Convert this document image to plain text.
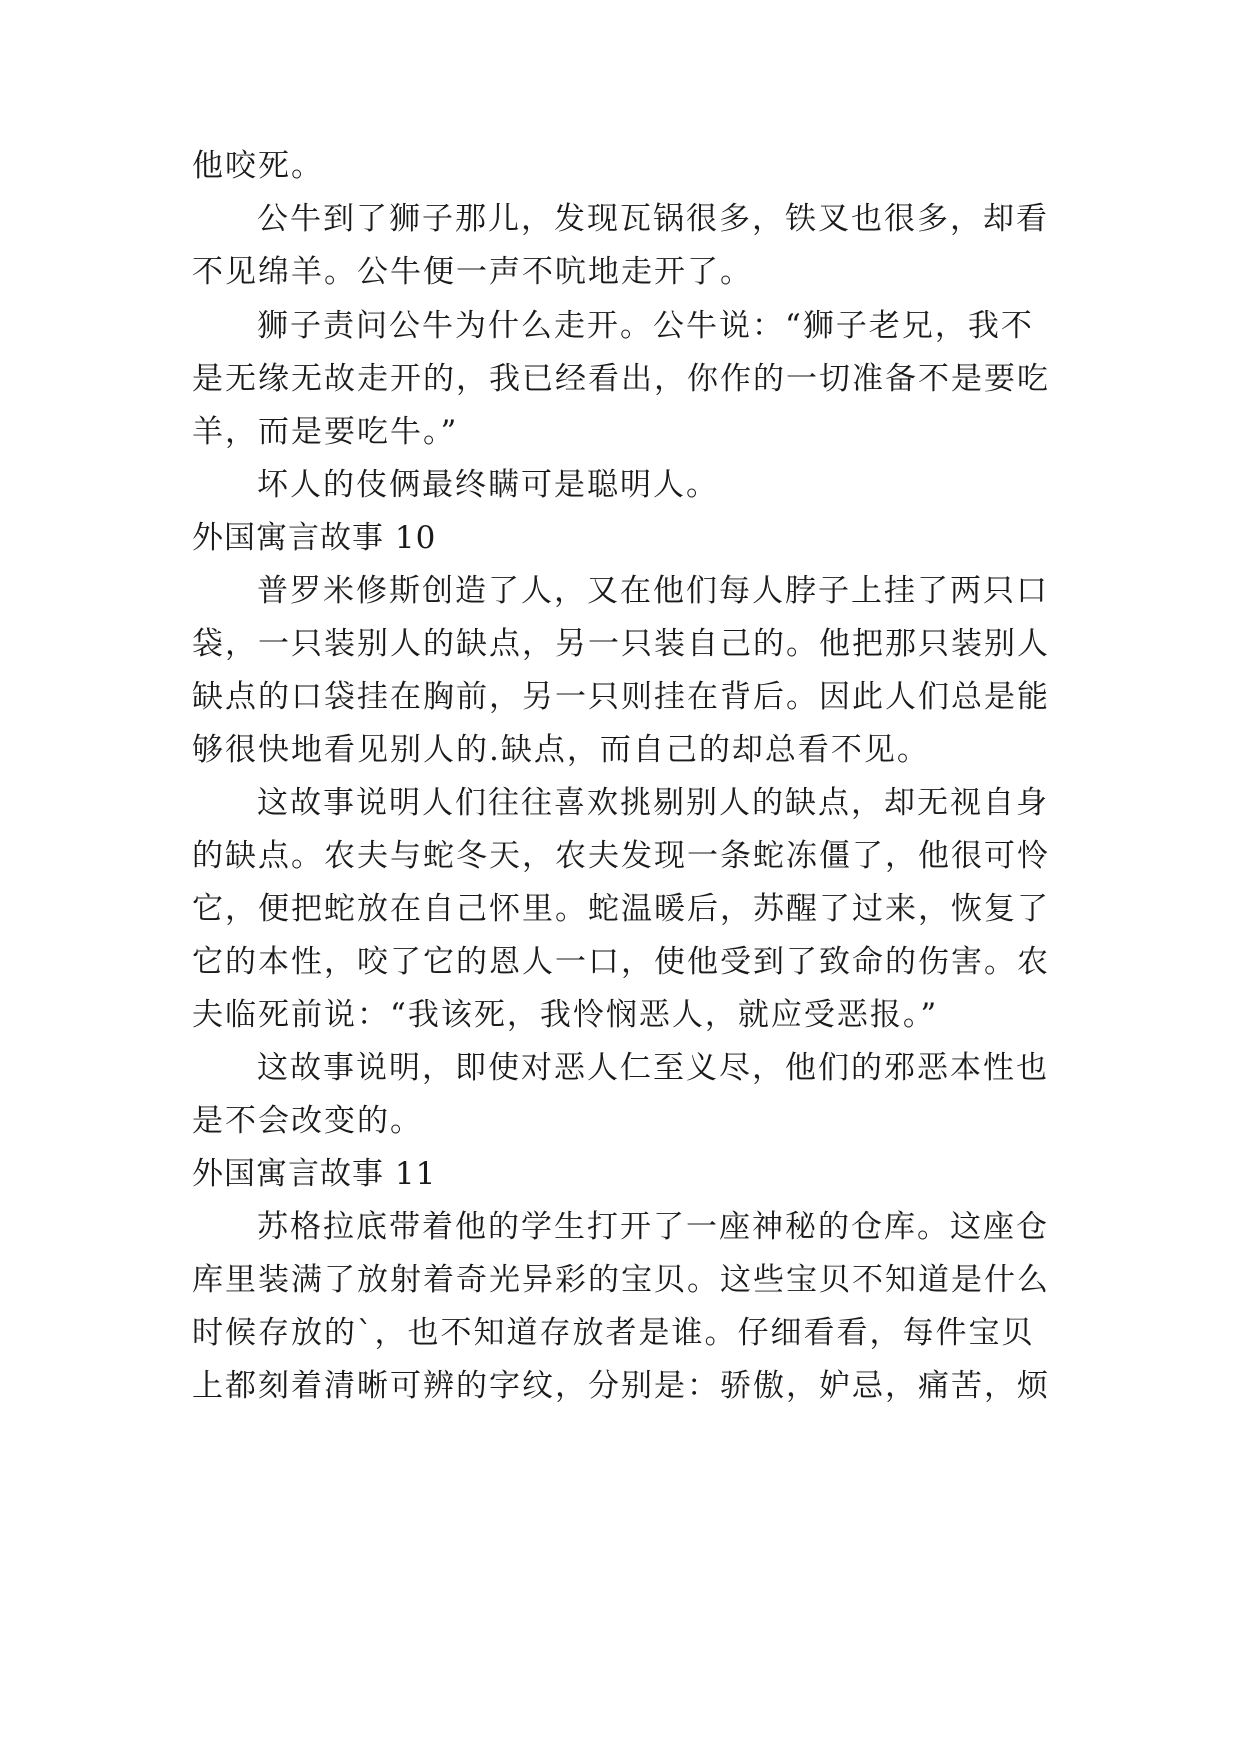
他咬死。
公牛到了狮子那儿，发现瓦锅很多，铁叉也很多，却看
不见绵羊。公牛便一声不吭地走开了。
狮子责问公牛为什么走开。公牛说：“狮子老兄，我不
是无缘无故走开的，我已经看出，你作的一切准备不是要吃
羊，而是要吃牛。”
坏人的伎俩最终瞒可是聪明人。
外国寓言故事 10
普罗米修斯创造了人，又在他们每人脖子上挂了两只口
袋，一只装别人的缺点，另一只装自己的。他把那只装别人
缺点的口袋挂在胸前，另一只则挂在背后。因此人们总是能
够很快地看见别人的.缺点，而自己的却总看不见。
这故事说明人们往往喜欢挑剔别人的缺点，却无视自身
的缺点。农夫与蛇冬天，农夫发现一条蛇冻僵了，他很可怜
它，便把蛇放在自己怀里。蛇温暖后，苏醒了过来，恢复了
它的本性，咬了它的恩人一口，使他受到了致命的伤害。农
夫临死前说：“我该死，我怜悯恶人，就应受恶报。”
这故事说明，即使对恶人仁至义尽，他们的邪恶本性也
是不会改变的。
外国寓言故事 11
苏格拉底带着他的学生打开了一座神秘的仓库。这座仓
库里装满了放射着奇光异彩的宝贝。这些宝贝不知道是什么
时候存放的`，也不知道存放者是谁。仔细看看，每件宝贝
上都刻着清晰可辨的字纹，分别是：骄傲，妒忌，痛苦，烦
